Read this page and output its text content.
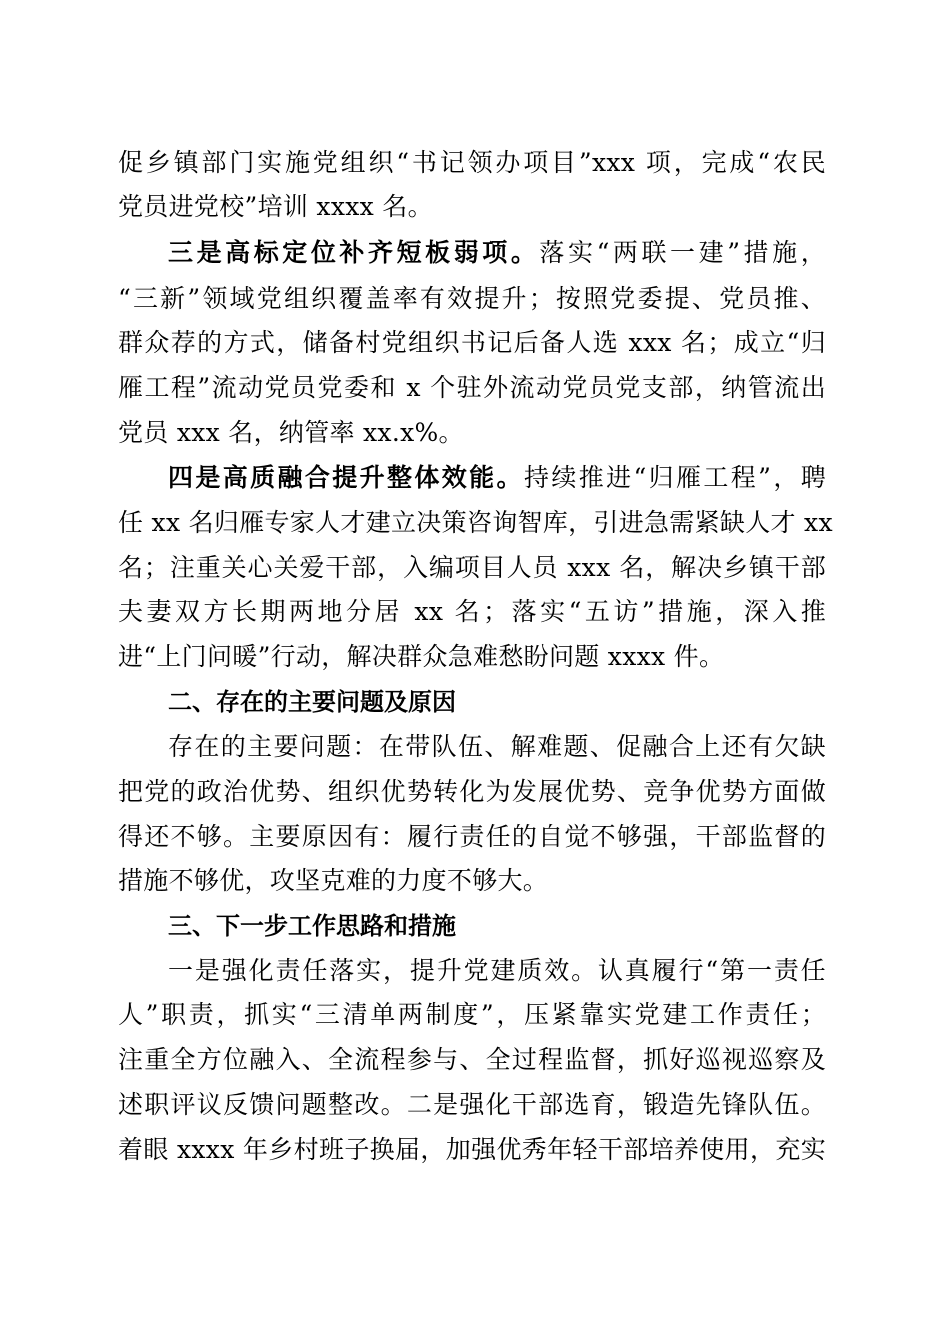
促乡镇部门实施党组织“书记领办项目”xxx 项，完成“农民
党员进党校”培训 xxxx 名。
三是高标定位补齐短板弱项。落实“两联一建”措施，
“三新”领域党组织覆盖率有效提升；按照党委提、党员推、
群众荐的方式，储备村党组织书记后备人选 xxx 名；成立“归
雁工程”流动党员党委和 x 个驻外流动党员党支部，纳管流出
党员 xxx 名，纳管率 xx.x%。
四是高质融合提升整体效能。持续推进“归雁工程”，聘
任 xx 名归雁专家人才建立决策咨询智库，引进急需紧缺人才 xx
名；注重关心关爱干部，入编项目人员 xxx 名，解决乡镇干部
夫妻双方长期两地分居 xx 名；落实“五访”措施，深入推
进“上门问暖”行动，解决群众急难愁盼问题 xxxx 件。
二、存在的主要问题及原因
存在的主要问题：在带队伍、解难题、促融合上还有欠缺
把党的政治优势、组织优势转化为发展优势、竞争优势方面做
得还不够。主要原因有：履行责任的自觉不够强，干部监督的
措施不够优，攻坚克难的力度不够大。
三、下一步工作思路和措施
一是强化责任落实，提升党建质效。认真履行“第一责任
人”职责，抓实“三清单两制度”，压紧靠实党建工作责任；
注重全方位融入、全流程参与、全过程监督，抓好巡视巡察及
述职评议反馈问题整改。二是强化干部选育，锻造先锋队伍。
着眼 xxxx 年乡村班子换届，加强优秀年轻干部培养使用，充实
